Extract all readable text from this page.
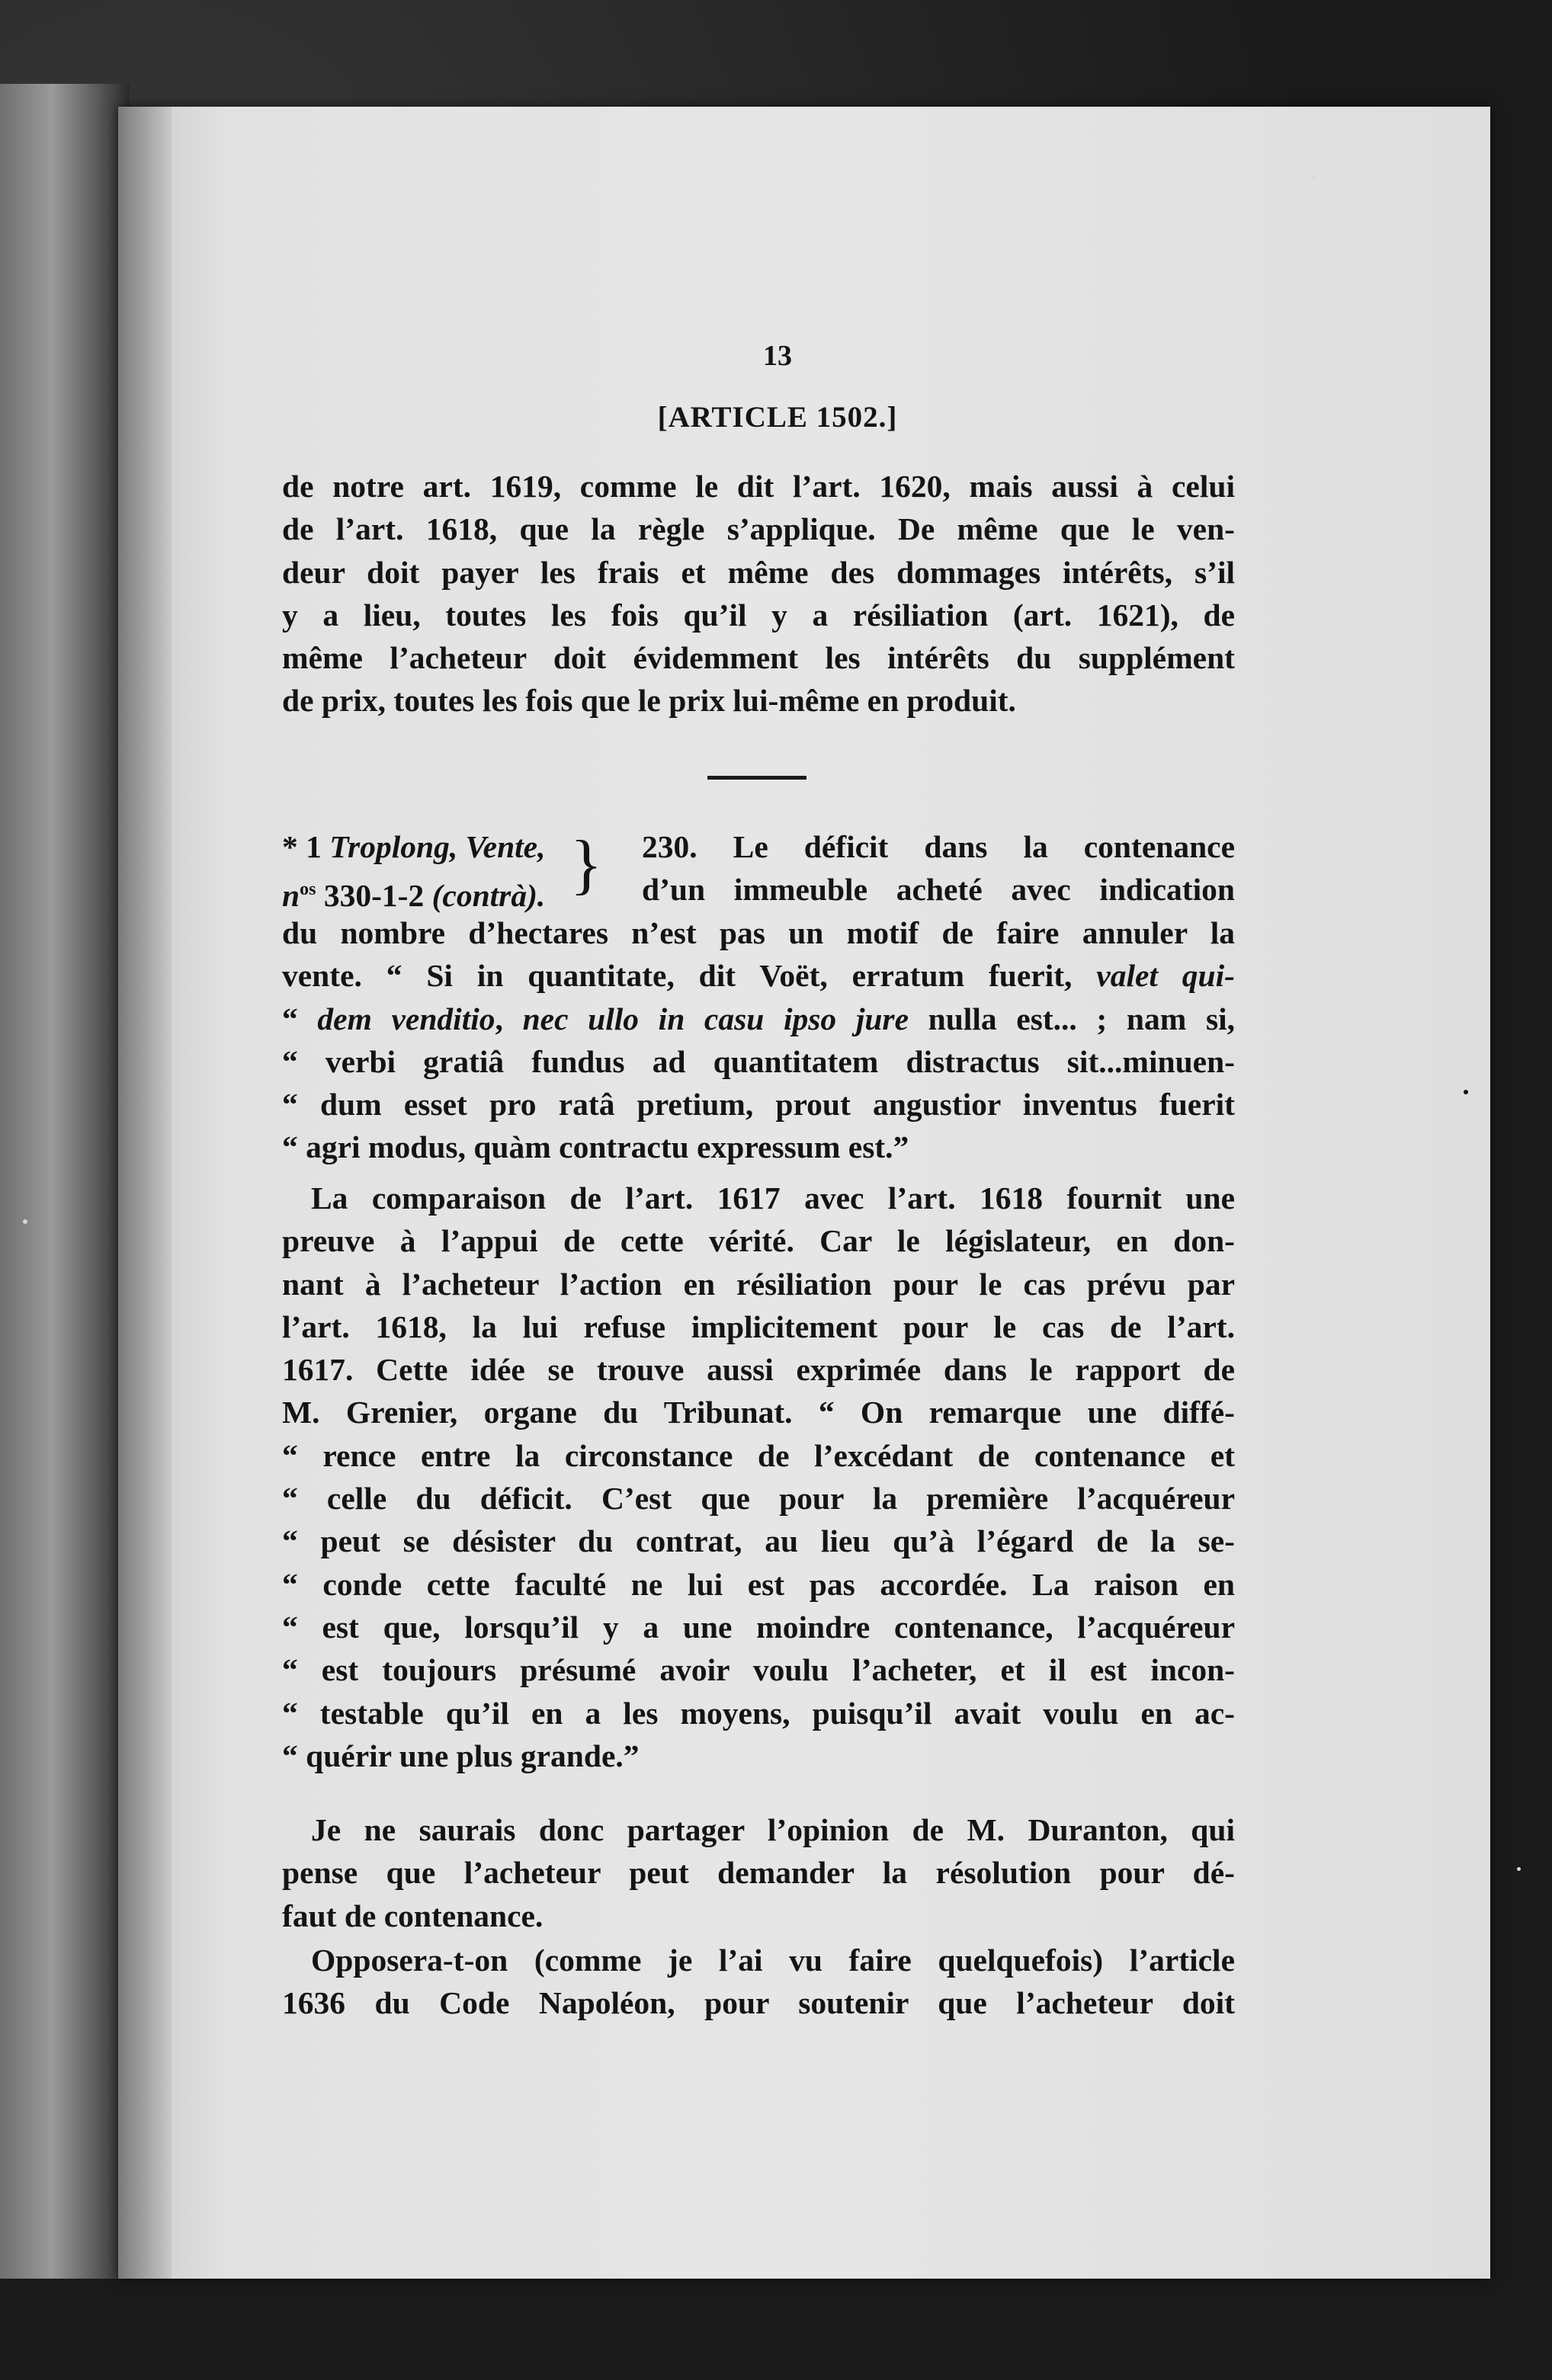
13
[ARTICLE 1502.]
de notre art. 1619, comme le dit l’art. 1620, mais aussi à celui
de l’art. 1618, que la règle s’applique. De même que le ven-
deur doit payer les frais et même des dommages intérêts, s’il
y a lieu, toutes les fois qu’il y a résiliation (art. 1621), de
même l’acheteur doit évidemment les intérêts du supplément
de prix, toutes les fois que le prix lui-même en produit.
* 1 Troplong, Vente,
$n^{os}$ 330-1-2 (contrà). } 230. Le déficit dans la contenance
d’un immeuble acheté avec indication
du nombre d’hectares n’est pas un motif de faire annuler la
vente. “ Si in quantitate, dit Voët, erratum fuerit, valet qui-
“ dem venditio, nec ullo in casu ipso jure nulla est... ; nam si,
“ verbi gratiâ fundus ad quantitatem distractus sit...minuen-
“ dum esset pro ratâ pretium, prout angustior inventus fuerit
“ agri modus, quàm contractu expressum est.”
La comparaison de l’art. 1617 avec l’art. 1618 fournit une
preuve à l’appui de cette vérité. Car le législateur, en don-
nant à l’acheteur l’action en résiliation pour le cas prévu par
l’art. 1618, la lui refuse implicitement pour le cas de l’art.
1617. Cette idée se trouve aussi exprimée dans le rapport de
M. Grenier, organe du Tribunat. “ On remarque une diffé-
“ rence entre la circonstance de l’excédant de contenance et
“ celle du déficit. C’est que pour la première l’acquéreur
“ peut se désister du contrat, au lieu qu’à l’égard de la se-
“ conde cette faculté ne lui est pas accordée. La raison en
“ est que, lorsqu’il y a une moindre contenance, l’acquéreur
“ est toujours présumé avoir voulu l’acheter, et il est incon-
“ testable qu’il en a les moyens, puisqu’il avait voulu en ac-
“ quérir une plus grande.”
Je ne saurais donc partager l’opinion de M. Duranton, qui
pense que l’acheteur peut demander la résolution pour dé-
faut de contenance.
Opposera-t-on (comme je l’ai vu faire quelquefois) l’article
1636 du Code Napoléon, pour soutenir que l’acheteur doit
